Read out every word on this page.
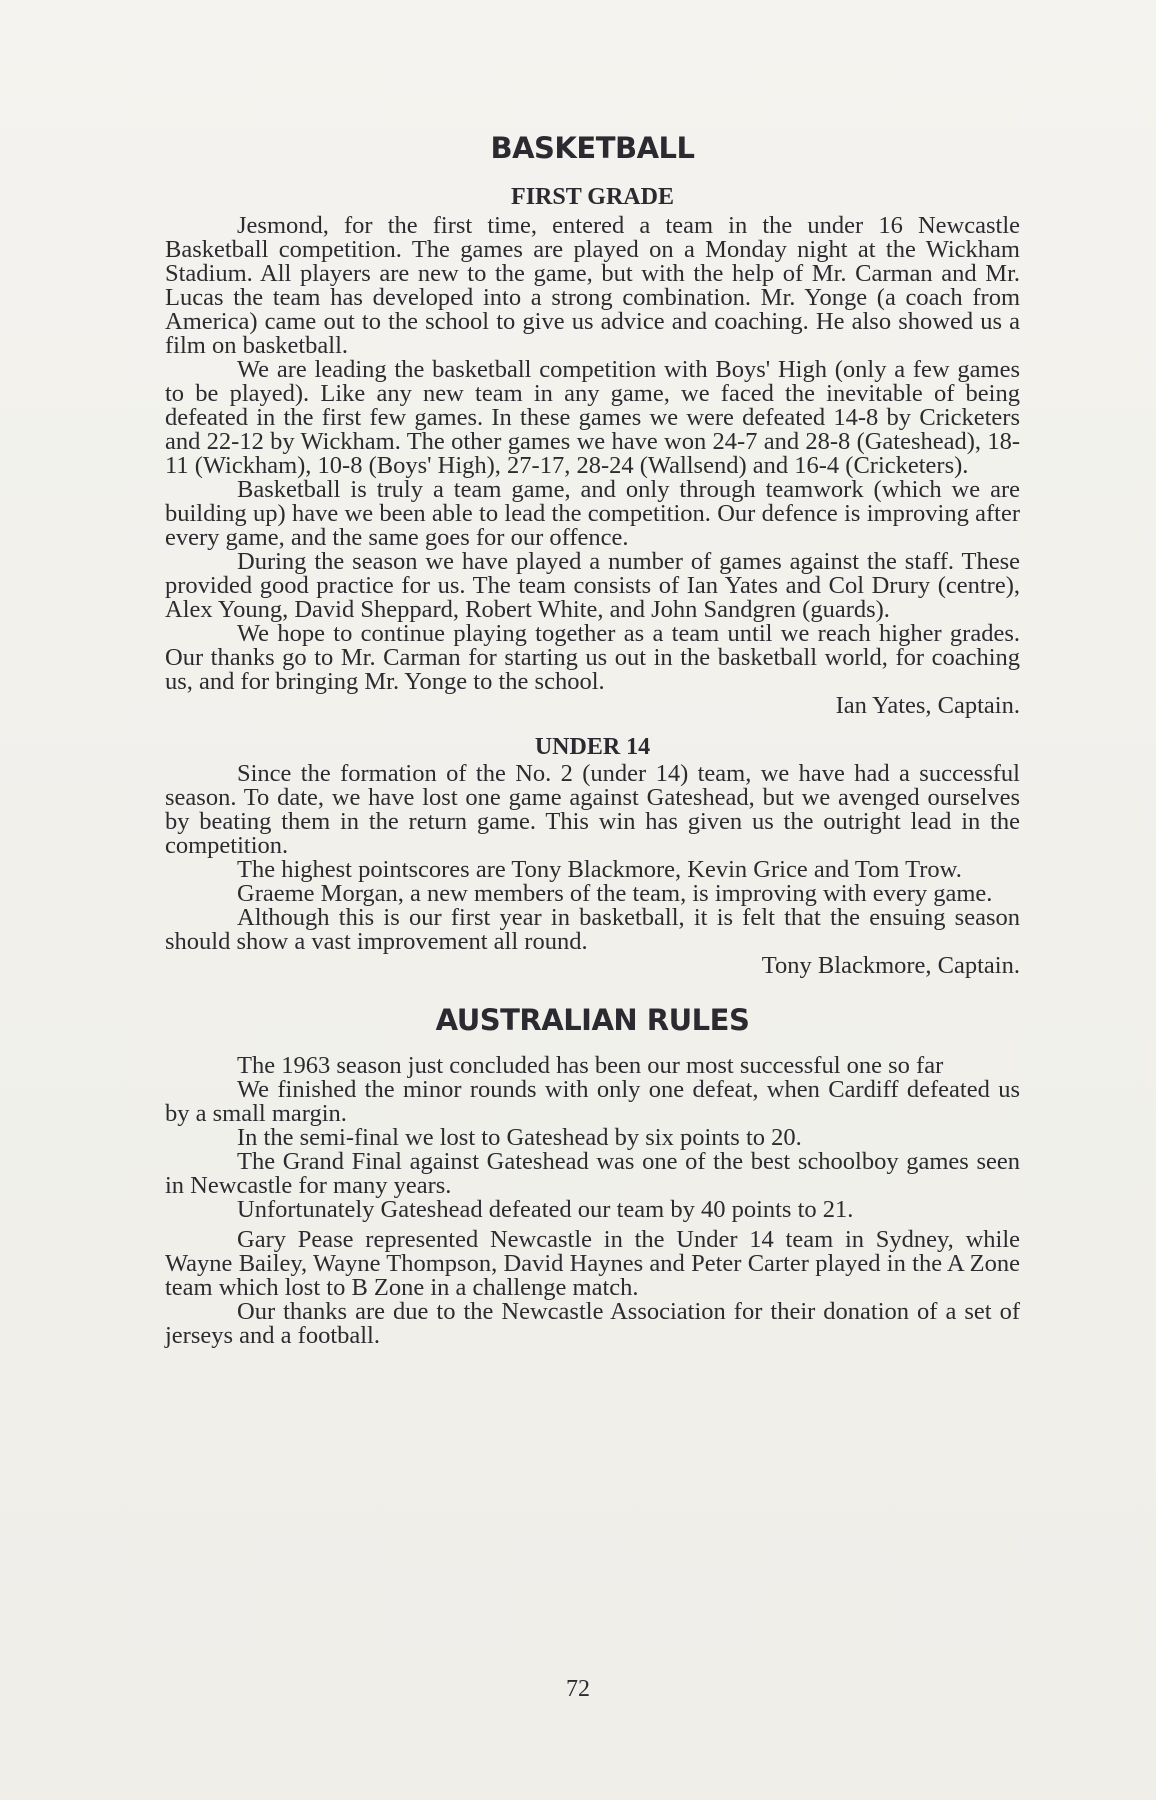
BASKETBALL
FIRST GRADE

Jesmond, for the first time, entered a team in the under 16 Newcastle Basketball competition. The games are played on a Monday night at the Wickham Stadium. All players are new to the game, but with the help of Mr. Carman and Mr. Lucas the team has developed into a strong combination. Mr. Yonge (a coach from America) came out to the school to give us advice and coaching. He also showed us a film on basketball.

We are leading the basketball competition with Boys' High (only a few games to be played). Like any new team in any game, we faced the inevitable of being defeated in the first few games. In these games we were defeated 14-8 by Cricketers and 22-12 by Wickham. The other games we have won 24-7 and 28-8 (Gateshead), 18-11 (Wickham), 10-8 (Boys' High), 27-17, 28-24 (Wallsend) and 16-4 (Cricketers).

Basketball is truly a team game, and only through teamwork (which we are building up) have we been able to lead the competition. Our defence is improving after every game, and the same goes for our offence.

During the season we have played a number of games against the staff. These provided good practice for us. The team consists of Ian Yates and Col Drury (centre), Alex Young, David Sheppard, Robert White, and John Sandgren (guards).

We hope to continue playing together as a team until we reach higher grades. Our thanks go to Mr. Carman for starting us out in the basketball world, for coaching us, and for bringing Mr. Yonge to the school.

Ian Yates, Captain.

UNDER 14

Since the formation of the No. 2 (under 14) team, we have had a successful season. To date, we have lost one game against Gateshead, but we avenged ourselves by beating them in the return game. This win has given us the outright lead in the competition.

The highest pointscores are Tony Blackmore, Kevin Grice and Tom Trow.

Graeme Morgan, a new members of the team, is improving with every game.

Although this is our first year in basketball, it is felt that the ensuing season should show a vast improvement all round.

Tony Blackmore, Captain.

AUSTRALIAN RULES

The 1963 season just concluded has been our most successful one so far

We finished the minor rounds with only one defeat, when Cardiff defeated us by a small margin.

In the semi-final we lost to Gateshead by six points to 20.

The Grand Final against Gateshead was one of the best schoolboy games seen in Newcastle for many years.

Unfortunately Gateshead defeated our team by 40 points to 21.

Gary Pease represented Newcastle in the Under 14 team in Sydney, while Wayne Bailey, Wayne Thompson, David Haynes and Peter Carter played in the A Zone team which lost to B Zone in a challenge match.

Our thanks are due to the Newcastle Association for their donation of a set of jerseys and a football.

72
